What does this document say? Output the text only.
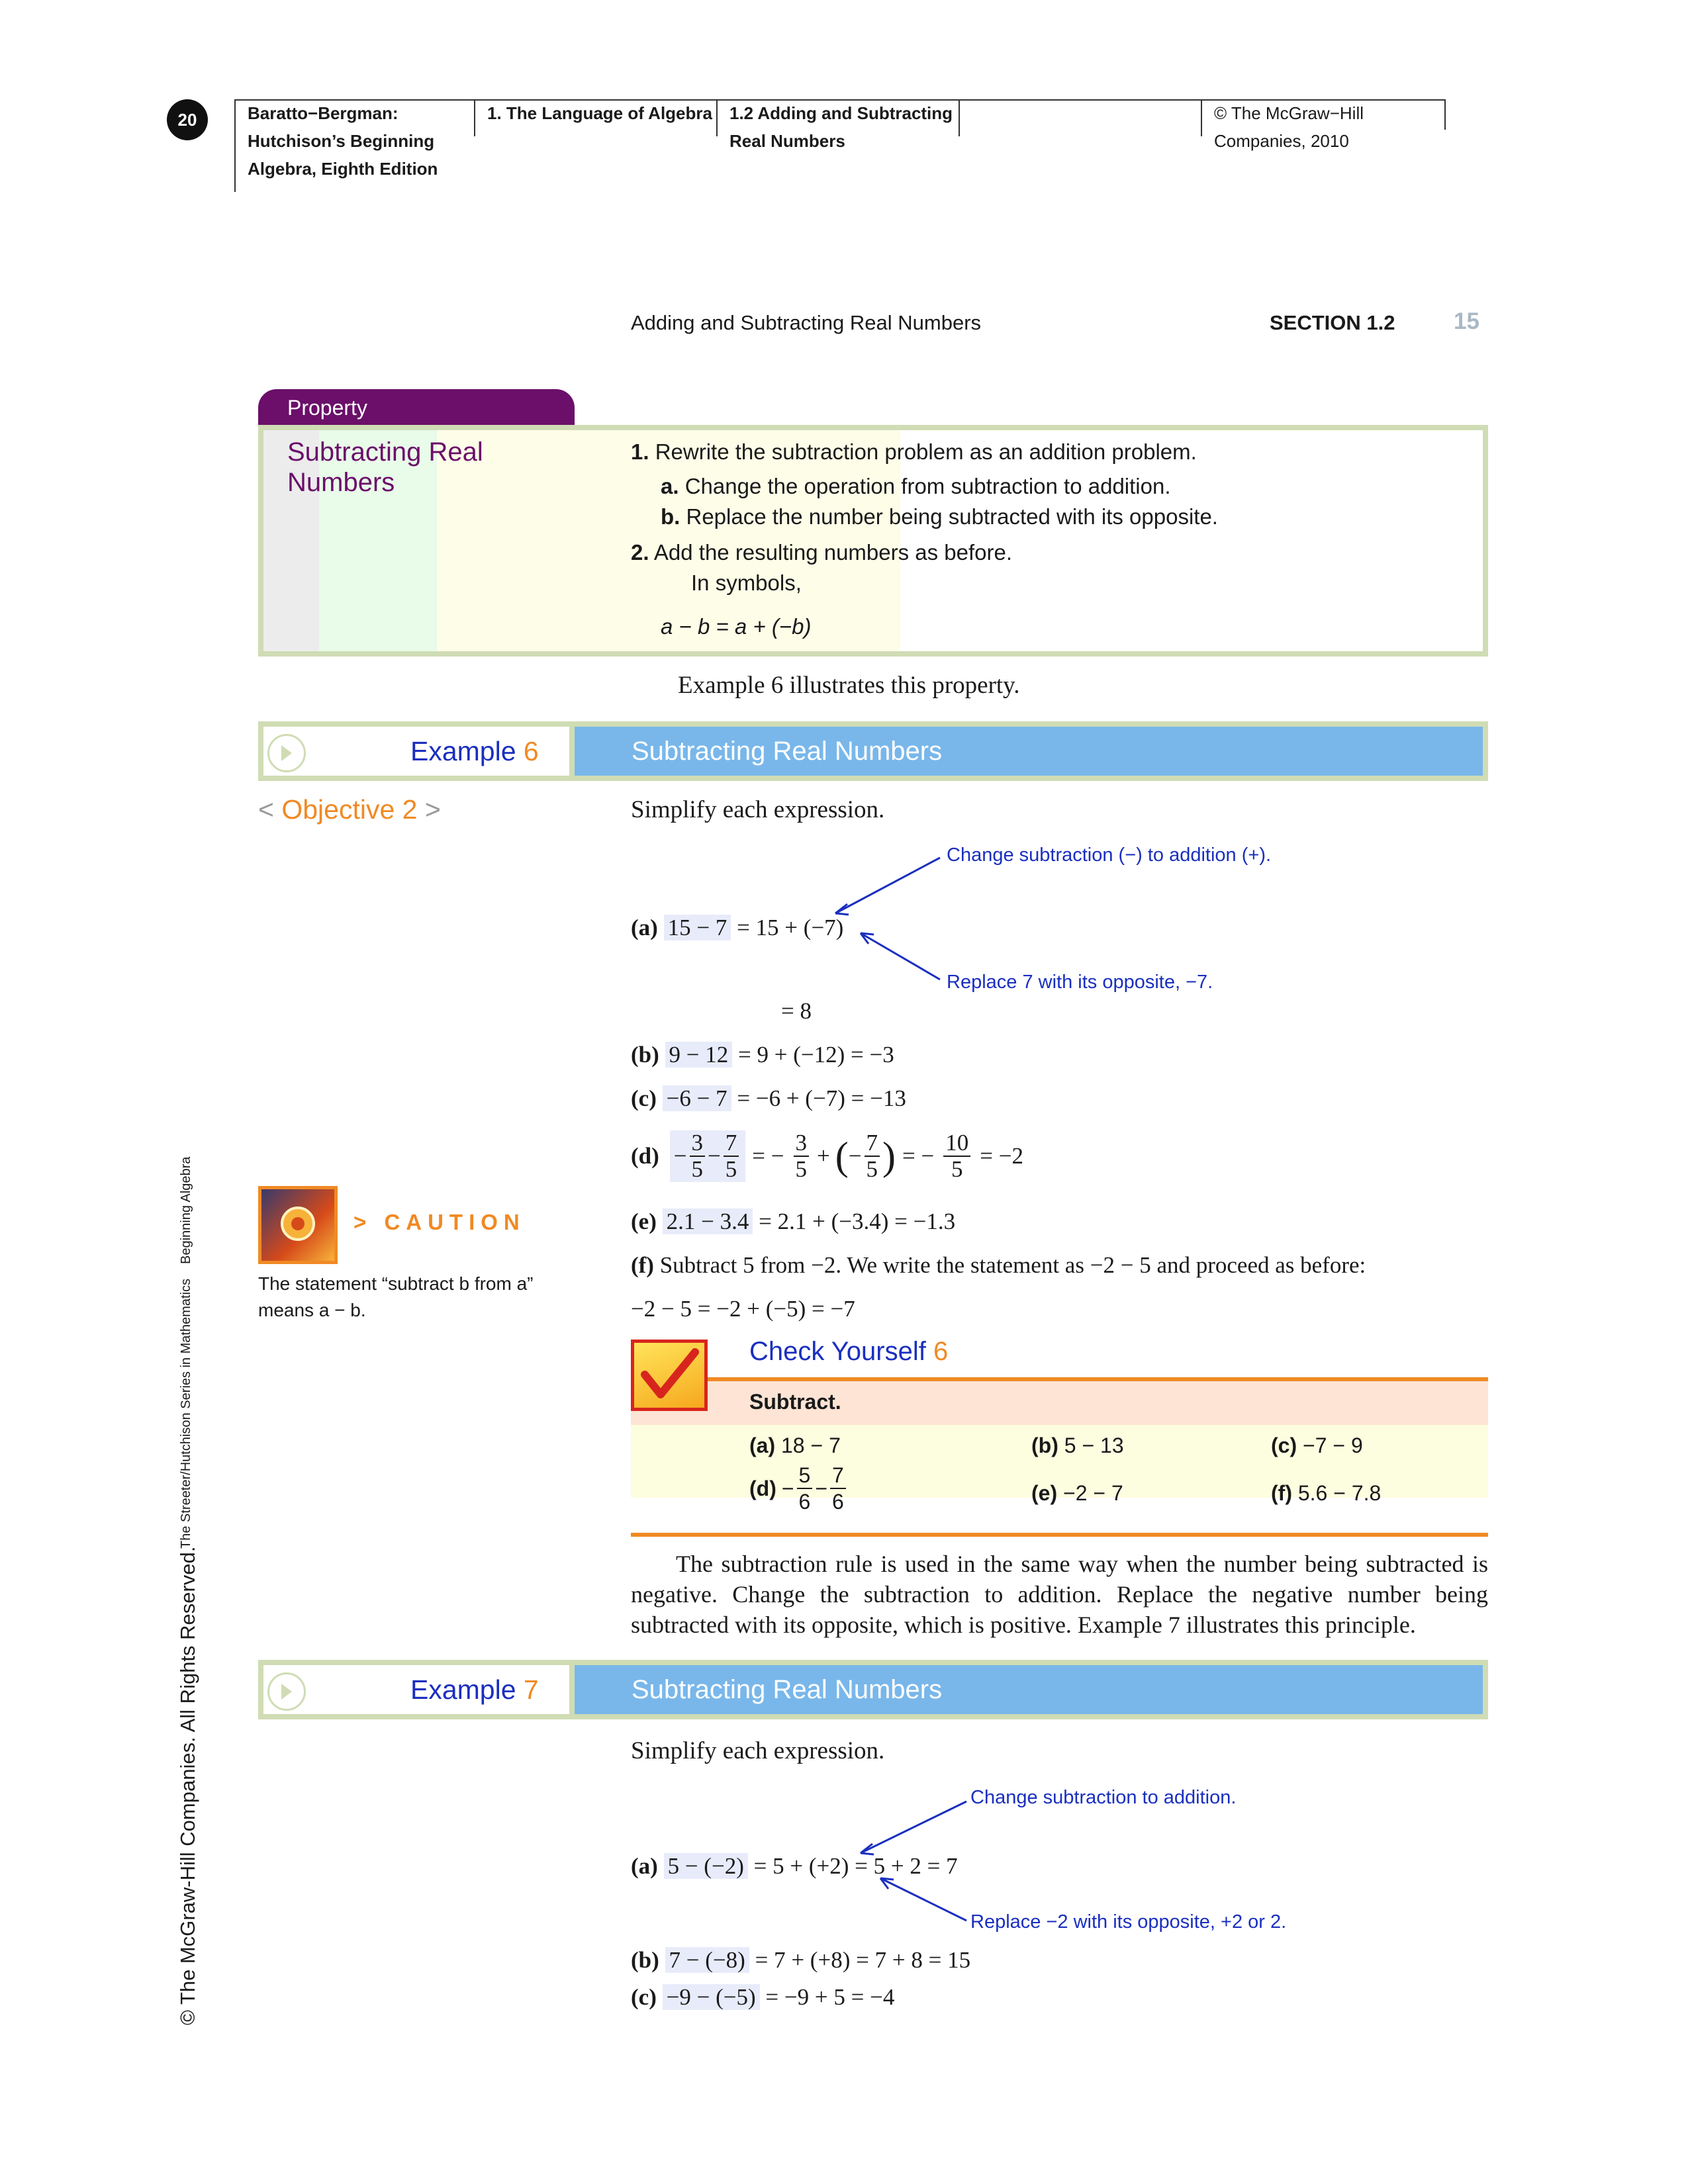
20	Baratto−Bergman:
Hutchison’s Beginning
Algebra, Eighth Edition
1. The Language of Algebra 1.2 Adding and Subtracting
Real Numbers
© The McGraw−Hill
Companies, 2010
Adding and Subtracting Real Numbers	SECTION 1.2	15
Property
Subtracting Real Numbers
1. Rewrite the subtraction problem as an addition problem.
a. Change the operation from subtraction to addition.
b. Replace the number being subtracted with its opposite.
2. Add the resulting numbers as before.
In symbols,
a − b = a + (−b)
Example 6 illustrates this property.
Example 6	Subtracting Real Numbers
< Objective 2 >	Simplify each expression.
Change subtraction (−) to addition (+).
Replace 7 with its opposite, −7.
(a) 15 − 7 = 15 + (−7)
= 8
(b) 9 − 12 = 9 + (−12) = −3
(c) −6 − 7 = −6 + (−7) = −13
$(d) - \frac{3}{5} - \frac{7}{5}$ = − $\frac{3}{5}$ + ( − $\frac{7}{5}$ ) = − $\frac{10}{5} = -2$
(e) 2.1 − 3.4 = 2.1 + (−3.4) = −1.3
(f) Subtract 5 from −2. We write the statement as −2 − 5 and proceed as before:
−2 − 5 = −2 + (−5) = −7
> CAUTION
The statement “subtract b from a”
means a − b.
Check Yourself 6
Subtract.
(a) 18 − 7	(b) 5 − 13	(c) −7 − 9
$(d) - \frac{5}{6} - \frac{7}{6}$	(e) −2 − 7	(f) 5.6 − 7.8
The subtraction rule is used in the same way when the number being subtracted is negative. Change the subtraction to addition. Replace the negative number being subtracted with its opposite, which is positive. Example 7 illustrates this principle.
Example 7	Subtracting Real Numbers
Simplify each expression.
Change subtraction to addition.
Replace −2 with its opposite, +2 or 2.
(a) 5 − (−2) = 5 + (+2) = 5 + 2 = 7
(b) 7 − (−8) = 7 + (+8) = 7 + 8 = 15
(c) −9 − (−5) = −9 + 5 = −4
Beginning Algebra
The Streeter/Hutchison Series in Mathematics
© The McGraw-Hill Companies. All Rights Reserved.
